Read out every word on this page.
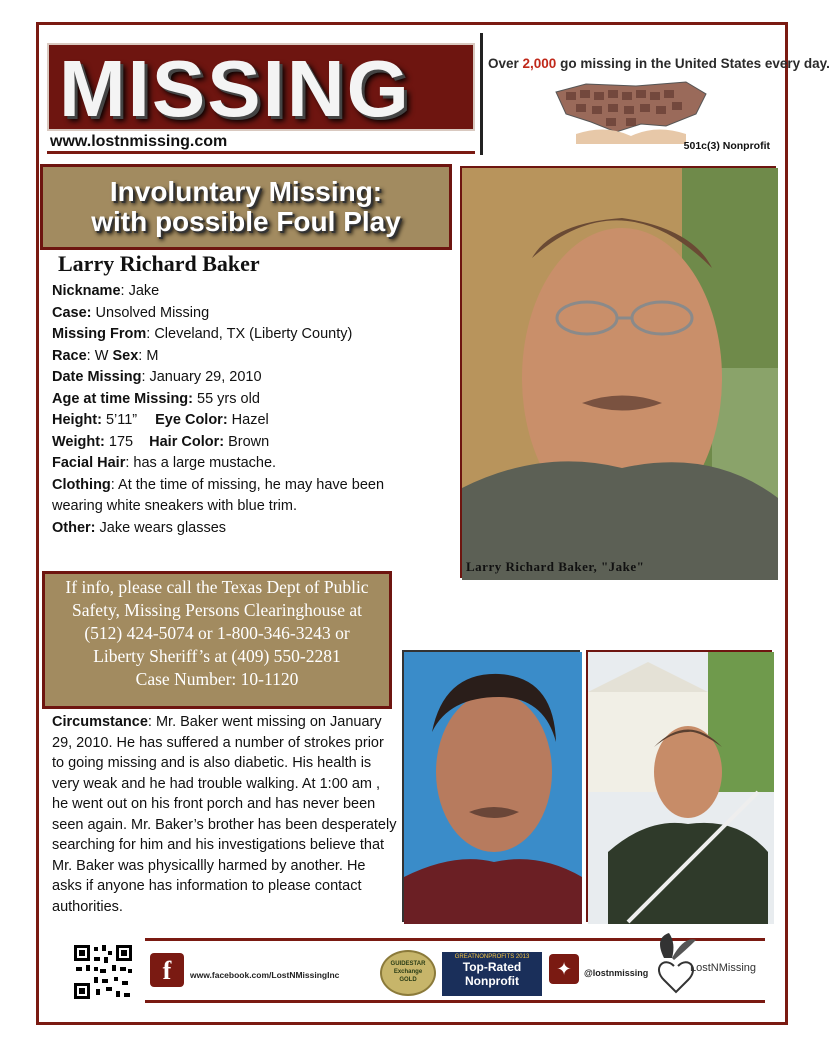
MISSING
www.lostnmissing.com
Over 2,000 go missing in the United States every day.
501c(3) Nonprofit
Involuntary Missing:
with possible Foul Play
Larry Richard Baker
Nickname: Jake
Case: Unsolved Missing
Missing From: Cleveland, TX (Liberty County)
Race: W Sex: M
Date Missing: January 29, 2010
Age at time Missing: 55 yrs old
Height: 5’11” Eye Color: Hazel
Weight: 175 Hair Color: Brown
Facial Hair: has a large mustache.
Clothing: At the time of missing, he may have been
wearing white sneakers with blue trim.
Other: Jake wears glasses
Larry Richard Baker, "Jake"
If info, please call the Texas Dept of Public
Safety, Missing Persons Clearinghouse at
(512) 424-5074 or 1-800-346-3243 or
Liberty Sheriff’s at (409) 550-2281
Case Number: 10-1120
Circumstance: Mr. Baker went missing on January 29, 2010. He has suffered a number of strokes prior to going missing and is also diabetic. His health is very weak and he had trouble walking. At 1:00 am , he went out on his front porch and has never been seen again. Mr. Baker’s brother has been desperately searching for him and his investigations believe that Mr. Baker was physicallly harmed by another. He asks if anyone has information to please contact authorities.
f	www.facebook.com/LostNMissingInc
GUIDESTAR
Exchange
GOLD
GREATNONPROFITS 2013
Top-Rated
Nonprofit
✦	@lostnmissing	LostNMissing
